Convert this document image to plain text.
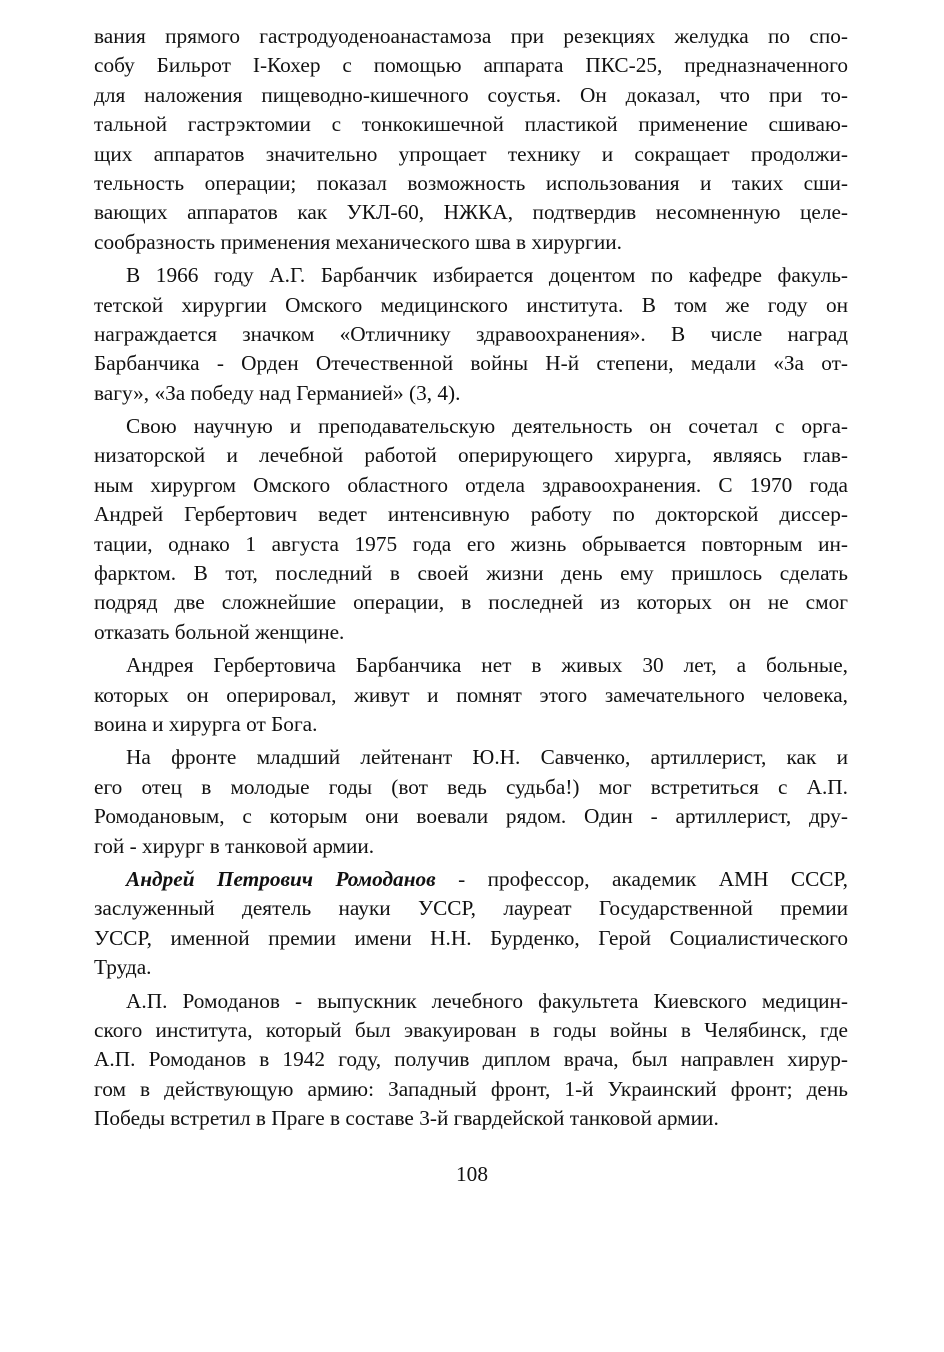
вания прямого гастродуоденоанастамоза при резекциях желудка по спо-
собу Бильрот I-Кохер с помощью аппарата ПКС-25, предназначенного
для наложения пищеводно-кишечного соустья. Он доказал, что при то-
тальной гастрэктомии с тонкокишечной пластикой применение сшиваю-
щих аппаратов значительно упрощает технику и сокращает продолжи-
тельность операции; показал возможность использования и таких сши-
вающих аппаратов как УКЛ-60, НЖКА, подтвердив несомненную целе-
сообразность применения механического шва в хирургии.
В 1966 году А.Г. Барбанчик избирается доцентом по кафедре факуль-
тетской хирургии Омского медицинского института. В том же году он
награждается значком «Отличнику здравоохранения». В числе наград
Барбанчика - Орден Отечественной войны Н-й степени, медали «За от-
вагу», «За победу над Германией» (3, 4).
Свою научную и преподавательскую деятельность он сочетал с орга-
низаторской и лечебной работой оперирующего хирурга, являясь глав-
ным хирургом Омского областного отдела здравоохранения. С 1970 года
Андрей Гербертович ведет интенсивную работу по докторской диссер-
тации, однако 1 августа 1975 года его жизнь обрывается повторным ин-
фарктом. В тот, последний в своей жизни день ему пришлось сделать
подряд две сложнейшие операции, в последней из которых он не смог
отказать больной женщине.
Андрея Гербертовича Барбанчика нет в живых 30 лет, а больные,
которых он оперировал, живут и помнят этого замечательного человека,
воина и хирурга от Бога.
На фронте младший лейтенант Ю.Н. Савченко, артиллерист, как и
его отец в молодые годы (вот ведь судьба!) мог встретиться с А.П.
Ромодановым, с которым они воевали рядом. Один - артиллерист, дру-
гой - хирург в танковой армии.
Андрей Петрович Ромоданов - профессор, академик АМН СССР,
заслуженный деятель науки УССР, лауреат Государственной премии
УССР, именной премии имени Н.Н. Бурденко, Герой Социалистического
Труда.
А.П. Ромоданов - выпускник лечебного факультета Киевского медицин-
ского института, который был эвакуирован в годы войны в Челябинск, где
А.П. Ромоданов в 1942 году, получив диплом врача, был направлен хирур-
гом в действующую армию: Западный фронт, 1-й Украинский фронт; день
Победы встретил в Праге в составе 3-й гвардейской танковой армии.
108
